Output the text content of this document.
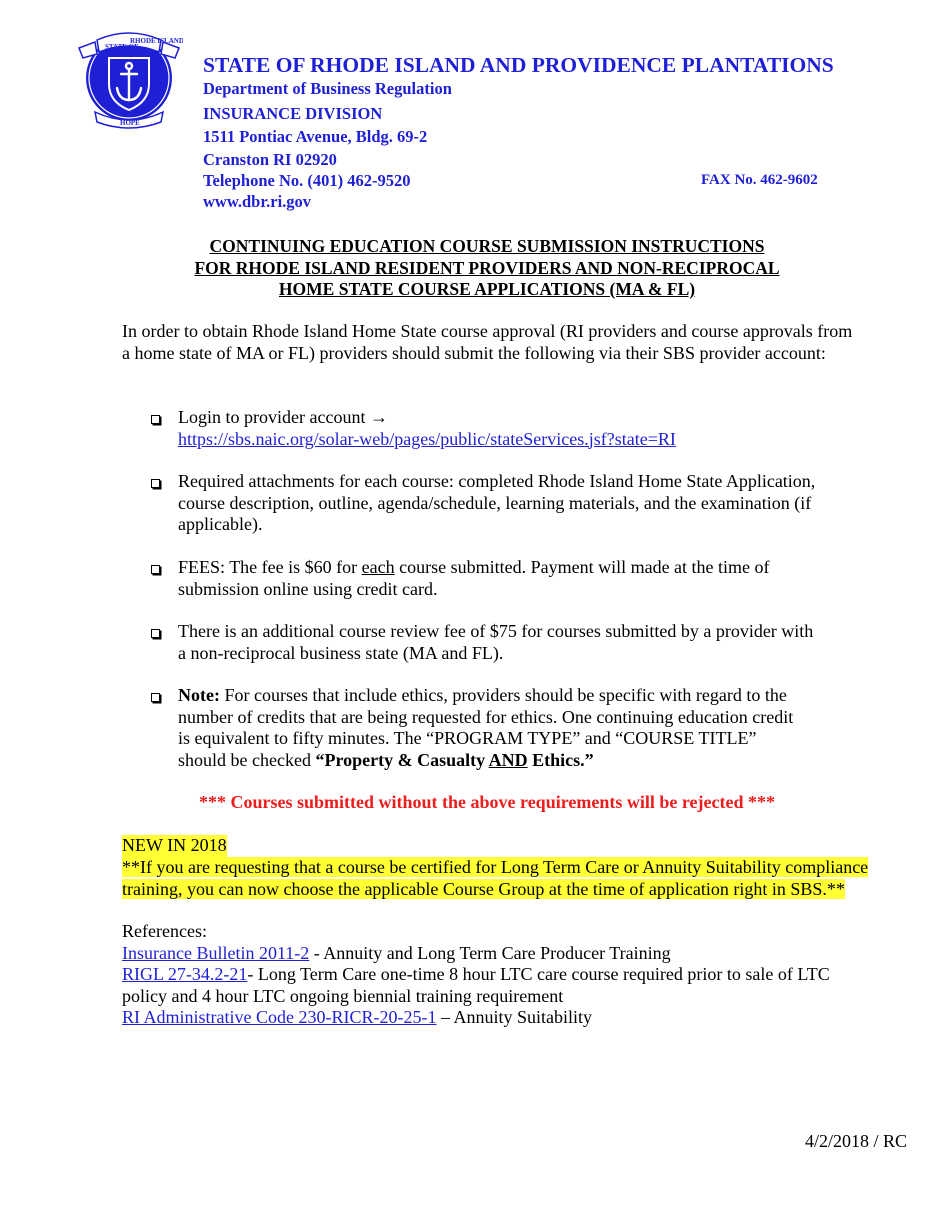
STATE OF
RHODE ISLAND
HOPE
STATE OF RHODE ISLAND AND PROVIDENCE PLANTATIONS
Department of Business Regulation
INSURANCE DIVISION
1511 Pontiac Avenue, Bldg. 69-2
Cranston RI 02920
Telephone No. (401) 462-9520
www.dbr.ri.gov
FAX No. 462-9602
CONTINUING EDUCATION COURSE SUBMISSION INSTRUCTIONS
FOR RHODE ISLAND RESIDENT PROVIDERS AND NON-RECIPROCAL
HOME STATE COURSE APPLICATIONS (MA & FL)

In order to obtain Rhode Island Home State course approval (RI providers and course approvals from a home state of MA or FL) providers should submit the following via their SBS provider account:

Login to provider account →
https://sbs.naic.org/solar-web/pages/public/stateServices.jsf?state=RI

Required attachments for each course: completed Rhode Island Home State Application, course description, outline, agenda/schedule, learning materials, and the examination (if applicable).

FEES: The fee is $60 for each course submitted. Payment will made at the time of submission online using credit card.

There is an additional course review fee of $75 for courses submitted by a provider with a non-reciprocal business state (MA and FL).

Note: For courses that include ethics, providers should be specific with regard to the number of credits that are being requested for ethics. One continuing education credit is equivalent to fifty minutes. The “PROGRAM TYPE” and “COURSE TITLE” should be checked “Property & Casualty AND Ethics.”

*** Courses submitted without the above requirements will be rejected ***
NEW IN 2018

**If you are requesting that a course be certified for Long Term Care or Annuity Suitability compliance training, you can now choose the applicable Course Group at the time of application right in SBS.**

References:
Insurance Bulletin 2011-2 - Annuity and Long Term Care Producer Training
RIGL 27-34.2-21- Long Term Care one-time 8 hour LTC care course required prior to sale of LTC policy and 4 hour LTC ongoing biennial training requirement
RI Administrative Code 230-RICR-20-25-1 – Annuity Suitability
4/2/2018 / RC
